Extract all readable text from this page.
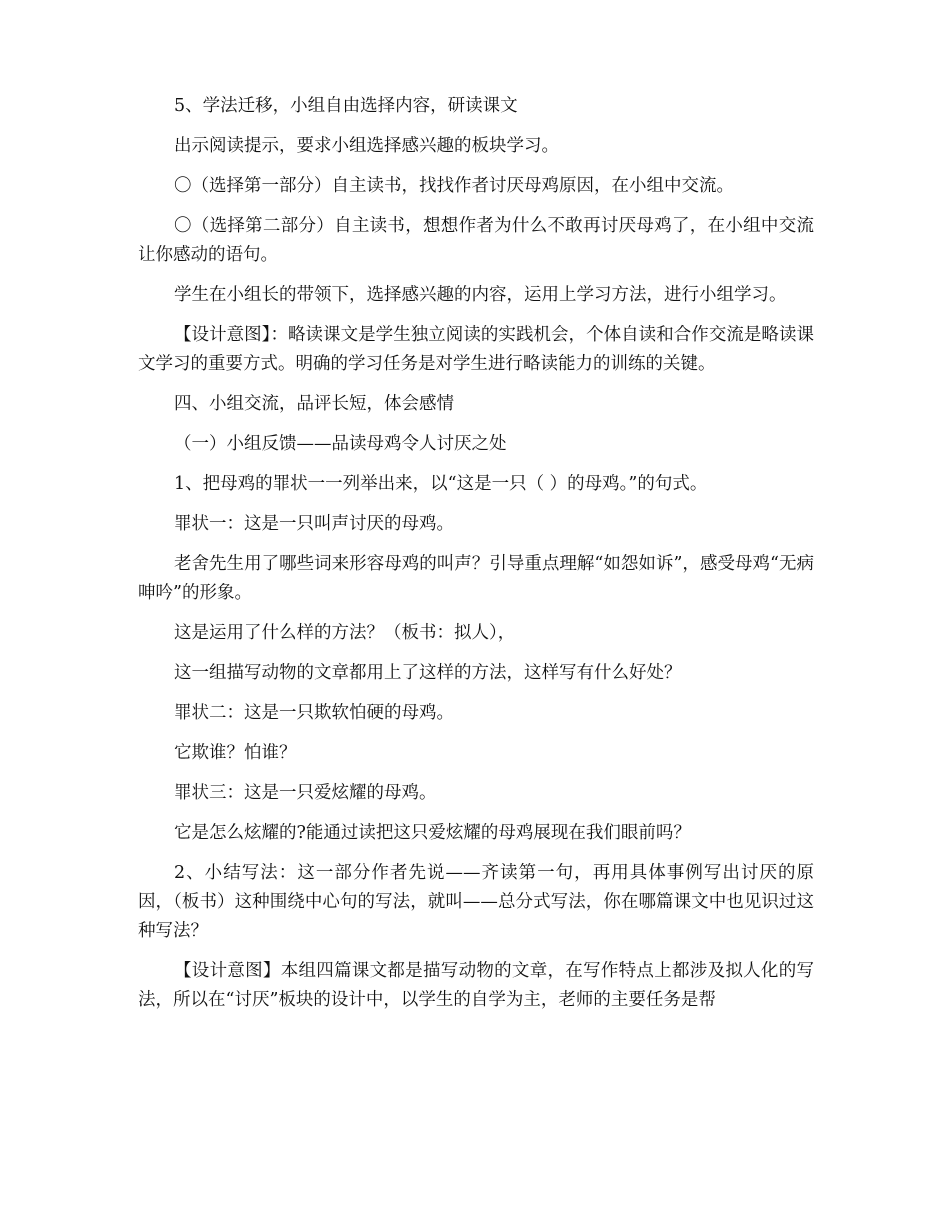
5、学法迁移，小组自由选择内容，研读课文

出示阅读提示，要求小组选择感兴趣的板块学习。

〇（选择第一部分）自主读书，找找作者讨厌母鸡原因，在小组中交流。

〇（选择第二部分）自主读书，想想作者为什么不敢再讨厌母鸡了，在小组中交流让你感动的语句。

学生在小组长的带领下，选择感兴趣的内容，运用上学习方法，进行小组学习。

【设计意图】：略读课文是学生独立阅读的实践机会，个体自读和合作交流是略读课文学习的重要方式。明确的学习任务是对学生进行略读能力的训练的关键。

四、小组交流，品评长短，体会感情

（一）小组反馈——品读母鸡令人讨厌之处

1、把母鸡的罪状一一列举出来，以“这是一只（ ）的母鸡。”的句式。

罪状一：这是一只叫声讨厌的母鸡。

老舍先生用了哪些词来形容母鸡的叫声？引导重点理解“如怨如诉”，感受母鸡“无病呻吟”的形象。

这是运用了什么样的方法？（板书：拟人），

这一组描写动物的文章都用上了这样的方法，这样写有什么好处？

罪状二：这是一只欺软怕硬的母鸡。

它欺谁？怕谁？

罪状三：这是一只爱炫耀的母鸡。

它是怎么炫耀的?能通过读把这只爱炫耀的母鸡展现在我们眼前吗？

2、小结写法：这一部分作者先说——齐读第一句，再用具体事例写出讨厌的原因，（板书）这种围绕中心句的写法，就叫——总分式写法，你在哪篇课文中也见识过这种写法？

【设计意图】本组四篇课文都是描写动物的文章，在写作特点上都涉及拟人化的写法，所以在“讨厌”板块的设计中，以学生的自学为主，老师的主要任务是帮
